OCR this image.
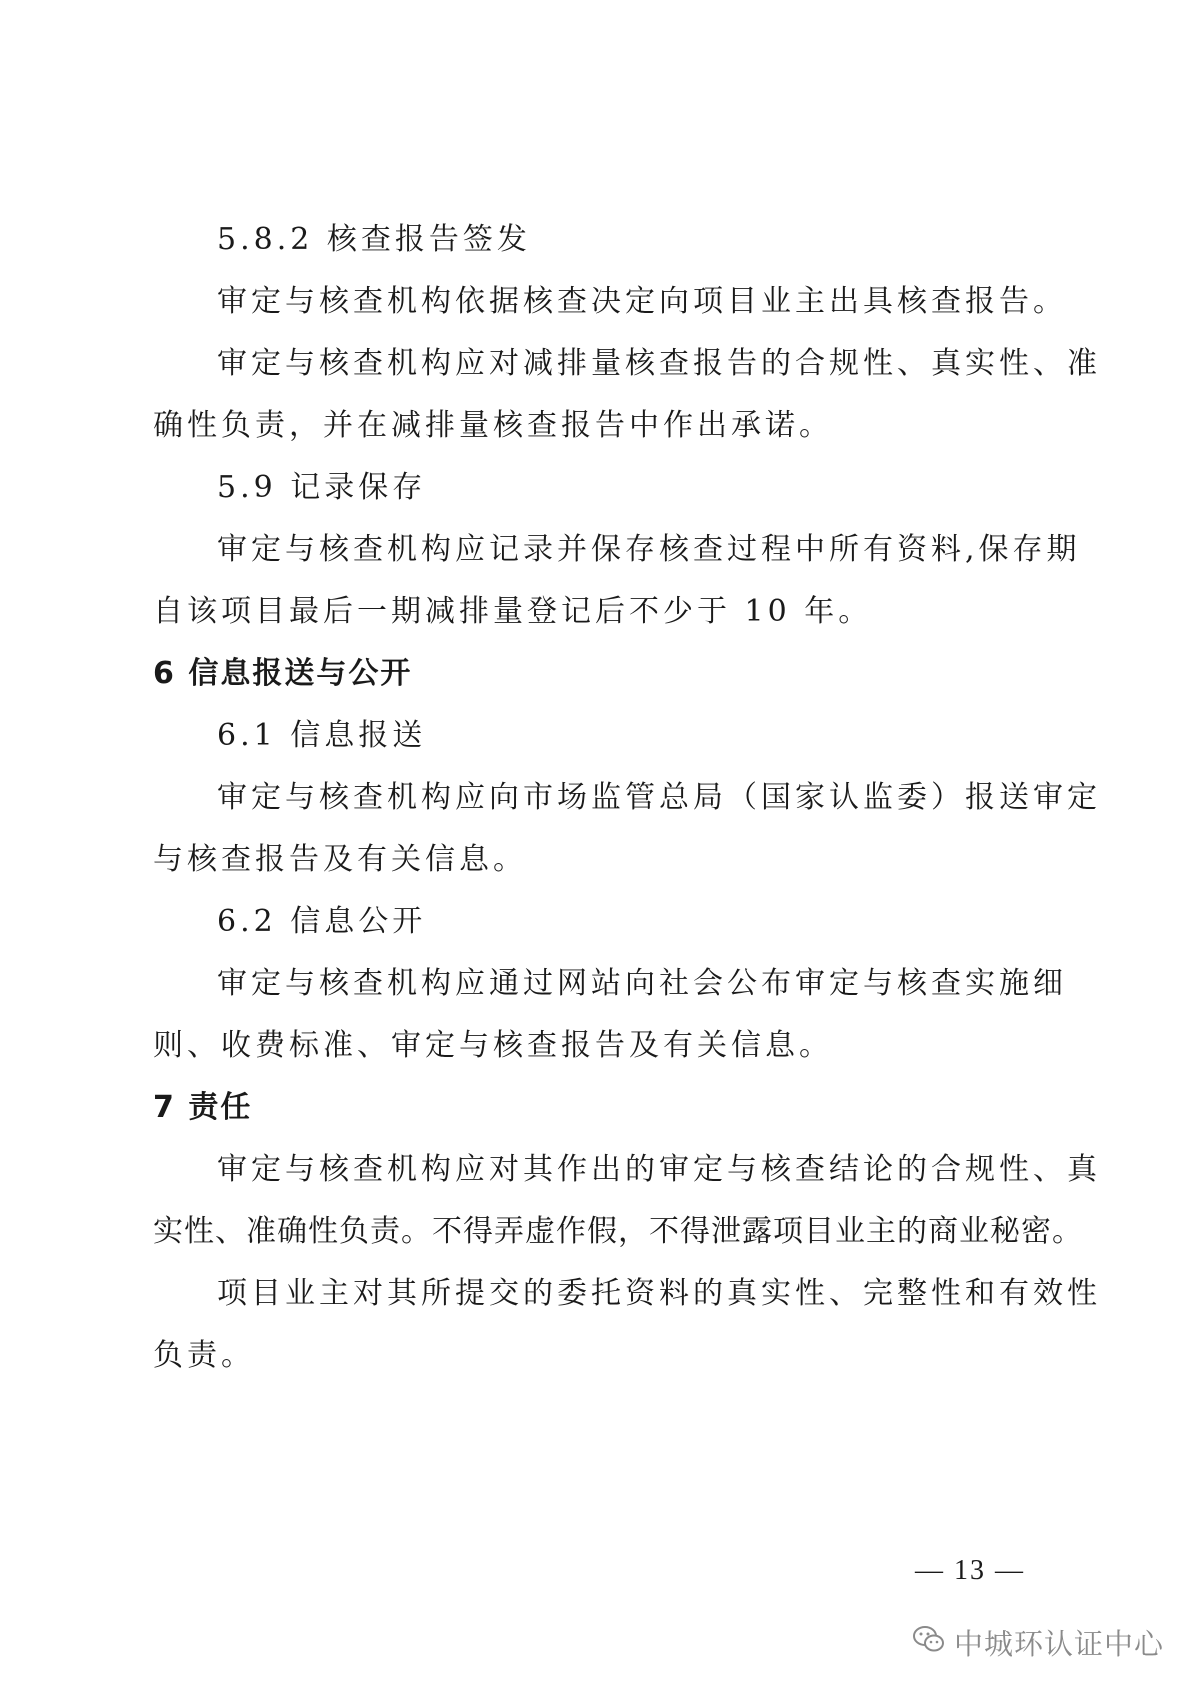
5.8.2 核查报告签发
审定与核查机构依据核查决定向项目业主出具核查报告。
审定与核查机构应对减排量核查报告的合规性、真实性、准
确性负责，并在减排量核查报告中作出承诺。
5.9 记录保存
审定与核查机构应记录并保存核查过程中所有资料,保存期
自该项目最后一期减排量登记后不少于 10 年。
6 信息报送与公开
6.1 信息报送
审定与核查机构应向市场监管总局（国家认监委）报送审定
与核查报告及有关信息。
6.2 信息公开
审定与核查机构应通过网站向社会公布审定与核查实施细
则、收费标准、审定与核查报告及有关信息。
7 责任
审定与核查机构应对其作出的审定与核查结论的合规性、真
实性、准确性负责。不得弄虚作假，不得泄露项目业主的商业秘密。
项目业主对其所提交的委托资料的真实性、完整性和有效性
负责。
— 13 —
中城环认证中心
